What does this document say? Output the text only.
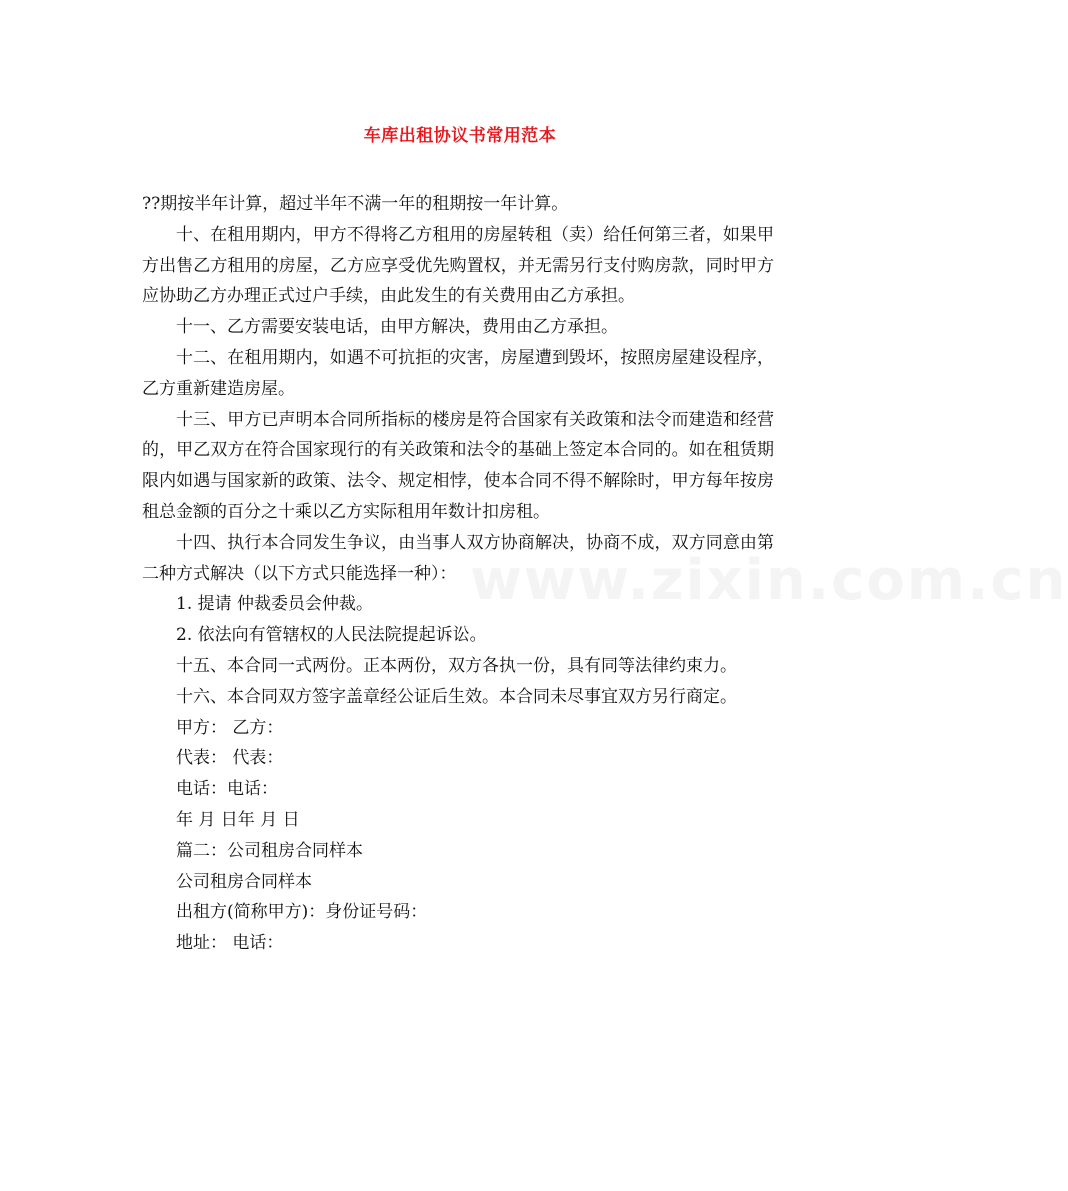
车库出租协议书常用范本

??期按半年计算，超过半年不满一年的租期按一年计算。

十、在租用期内，甲方不得将乙方租用的房屋转租（卖）给任何第三者，如果甲方出售乙方租用的房屋，乙方应享受优先购置权，并无需另行支付购房款，同时甲方应协助乙方办理正式过户手续，由此发生的有关费用由乙方承担。

十一、乙方需要安装电话，由甲方解决，费用由乙方承担。

十二、在租用期内，如遇不可抗拒的灾害，房屋遭到毁坏，按照房屋建设程序，乙方重新建造房屋。

十三、甲方已声明本合同所指标的楼房是符合国家有关政策和法令而建造和经营的，甲乙双方在符合国家现行的有关政策和法令的基础上签定本合同的。如在租赁期限内如遇与国家新的政策、法令、规定相悖，使本合同不得不解除时，甲方每年按房租总金额的百分之十乘以乙方实际租用年数计扣房租。

十四、执行本合同发生争议，由当事人双方协商解决，协商不成，双方同意由第二种方式解决（以下方式只能选择一种）：

1. 提请 仲裁委员会仲裁。

2. 依法向有管辖权的人民法院提起诉讼。

十五、本合同一式两份。正本两份，双方各执一份，具有同等法律约束力。

十六、本合同双方签字盖章经公证后生效。本合同未尽事宜双方另行商定。

甲方： 乙方：

代表： 代表：

电话：电话：

年 月 日年 月 日

篇二：公司租房合同样本

公司租房合同样本

出租方(简称甲方)：身份证号码：

地址： 电话：

www.zixin.com.cn
